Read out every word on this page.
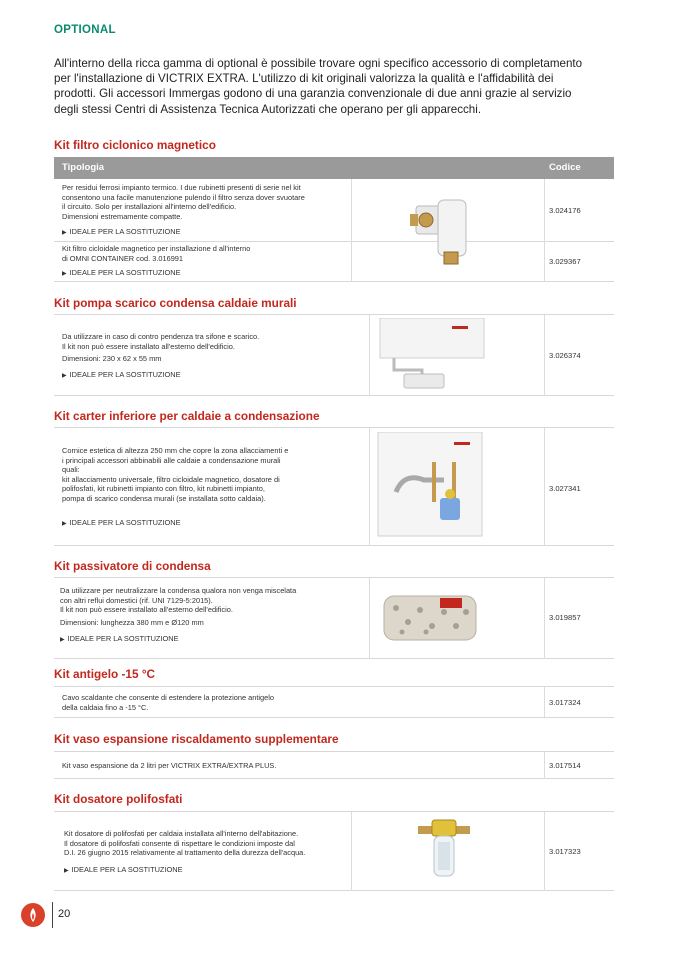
OPTIONAL
All'interno della ricca gamma di optional è possibile trovare ogni specifico accessorio di completamento
per l'installazione di VICTRIX EXTRA. L'utilizzo di kit originali valorizza la qualità e l'affidabilità dei
prodotti. Gli accessori Immergas godono di una garanzia convenzionale di due anni grazie al servizio
degli stessi Centri di Assistenza Tecnica Autorizzati che operano per gli apparecchi.
Kit filtro ciclonico magnetico
Tipologia	Codice
Per residui ferrosi impianto termico. I due rubinetti presenti di serie nel kit
consentono una facile manutenzione pulendo il filtro senza dover svuotare
il circuito. Solo per installazioni all'interno dell'edificio.
Dimensioni estremamente compatte.
▶ IDEALE PER LA SOSTITUZIONE
3.024176
Kit filtro cicloidale magnetico per installazione d all'interno
di OMNI CONTAINER cod. 3.016991
▶ IDEALE PER LA SOSTITUZIONE
3.029367
Kit pompa scarico condensa caldaie murali
Da utilizzare in caso di contro pendenza tra sifone e scarico.
Il kit non può essere installato all'esterno dell'edificio.
Dimensioni: 230 x 62 x 55 mm
▶ IDEALE PER LA SOSTITUZIONE
3.026374
Kit carter inferiore per caldaie a condensazione
Cornice estetica di altezza 250 mm che copre la zona allacciamenti e
i principali accessori abbinabili alle caldaie a condensazione murali
quali:
kit allacciamento universale, filtro cicloidale magnetico, dosatore di
polifosfati, kit rubinetti impianto con filtro, kit rubinetti impianto,
pompa di scarico condensa murali (se installata sotto caldaia).
▶ IDEALE PER LA SOSTITUZIONE
3.027341
Kit passivatore di condensa
Da utilizzare per neutralizzare la condensa qualora non venga miscelata
con altri reflui domestici (rif. UNI 7129-5:2015).
Il kit non può essere installato all'esterno dell'edificio.
Dimensioni: lunghezza 380 mm e Ø120 mm
▶ IDEALE PER LA SOSTITUZIONE
3.019857
Kit antigelo -15 °C
Cavo scaldante che consente di estendere la protezione antigelo
della caldaia fino a -15 °C.
3.017324
Kit vaso espansione riscaldamento supplementare
Kit vaso espansione da 2 litri per VICTRIX EXTRA/EXTRA PLUS.	3.017514
Kit dosatore polifosfati
Kit dosatore di polifosfati per caldaia installata all'interno dell'abitazione.
Il dosatore di polifosfati consente di rispettare le condizioni imposte dal
D.I. 26 giugno 2015 relativamente al trattamento della durezza dell'acqua.
▶ IDEALE PER LA SOSTITUZIONE
3.017323
20
